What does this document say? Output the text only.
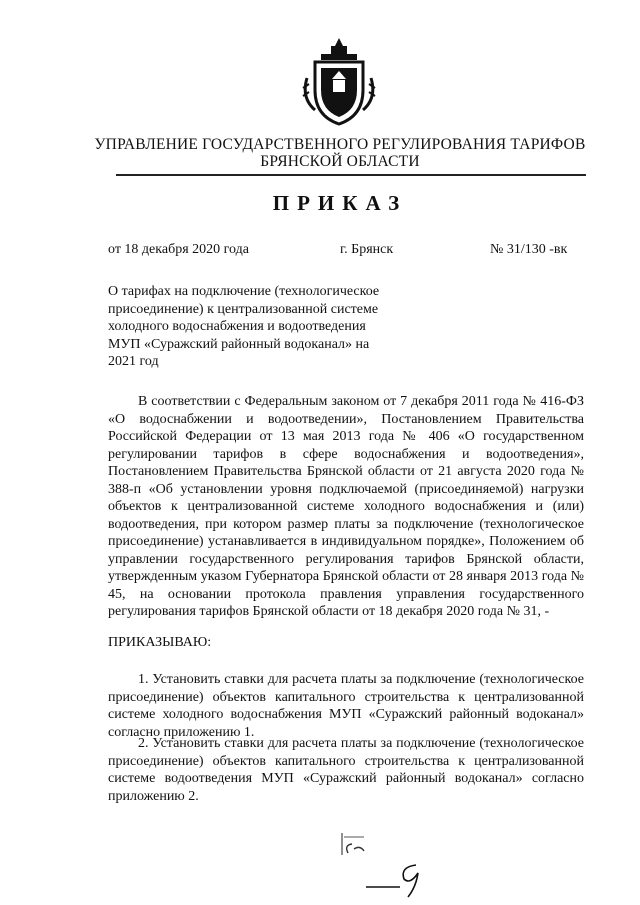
УПРАВЛЕНИЕ ГОСУДАРСТВЕННОГО РЕГУЛИРОВАНИЯ ТАРИФОВ
БРЯНСКОЙ ОБЛАСТИ
ПРИКАЗ
от 18 декабря 2020 года	г. Брянск	№ 31/130 -вк
О тарифах на подключение (технологическое присоединение) к централизованной системе холодного водоснабжения и водоотведения МУП «Суражский районный водоканал» на 2021 год
В соответствии с Федеральным законом от 7 декабря 2011 года № 416-ФЗ «О водоснабжении и водоотведении», Постановлением Правительства Российской Федерации от 13 мая 2013 года № 406 «О государственном регулировании тарифов в сфере водоснабжения и водоотведения», Постановлением Правительства Брянской области от 21 августа 2020 года № 388-п «Об установлении уровня подключаемой (присоединяемой) нагрузки объектов к централизованной системе холодного водоснабжения и (или) водоотведения, при котором размер платы за подключение (технологическое присоединение) устанавливается в индивидуальном порядке», Положением об управлении государственного регулирования тарифов Брянской области, утвержденным указом Губернатора Брянской области от 28 января 2013 года № 45, на основании протокола правления управления государственного регулирования тарифов Брянской области от 18 декабря 2020 года № 31, -
ПРИКАЗЫВАЮ:
1. Установить ставки для расчета платы за подключение (технологическое присоединение) объектов капитального строительства к централизованной системе холодного водоснабжения МУП «Суражский районный водоканал» согласно приложению 1.
2. Установить ставки для расчета платы за подключение (технологическое присоединение) объектов капитального строительства к централизованной системе водоотведения МУП «Суражский районный водоканал» согласно приложению 2.
